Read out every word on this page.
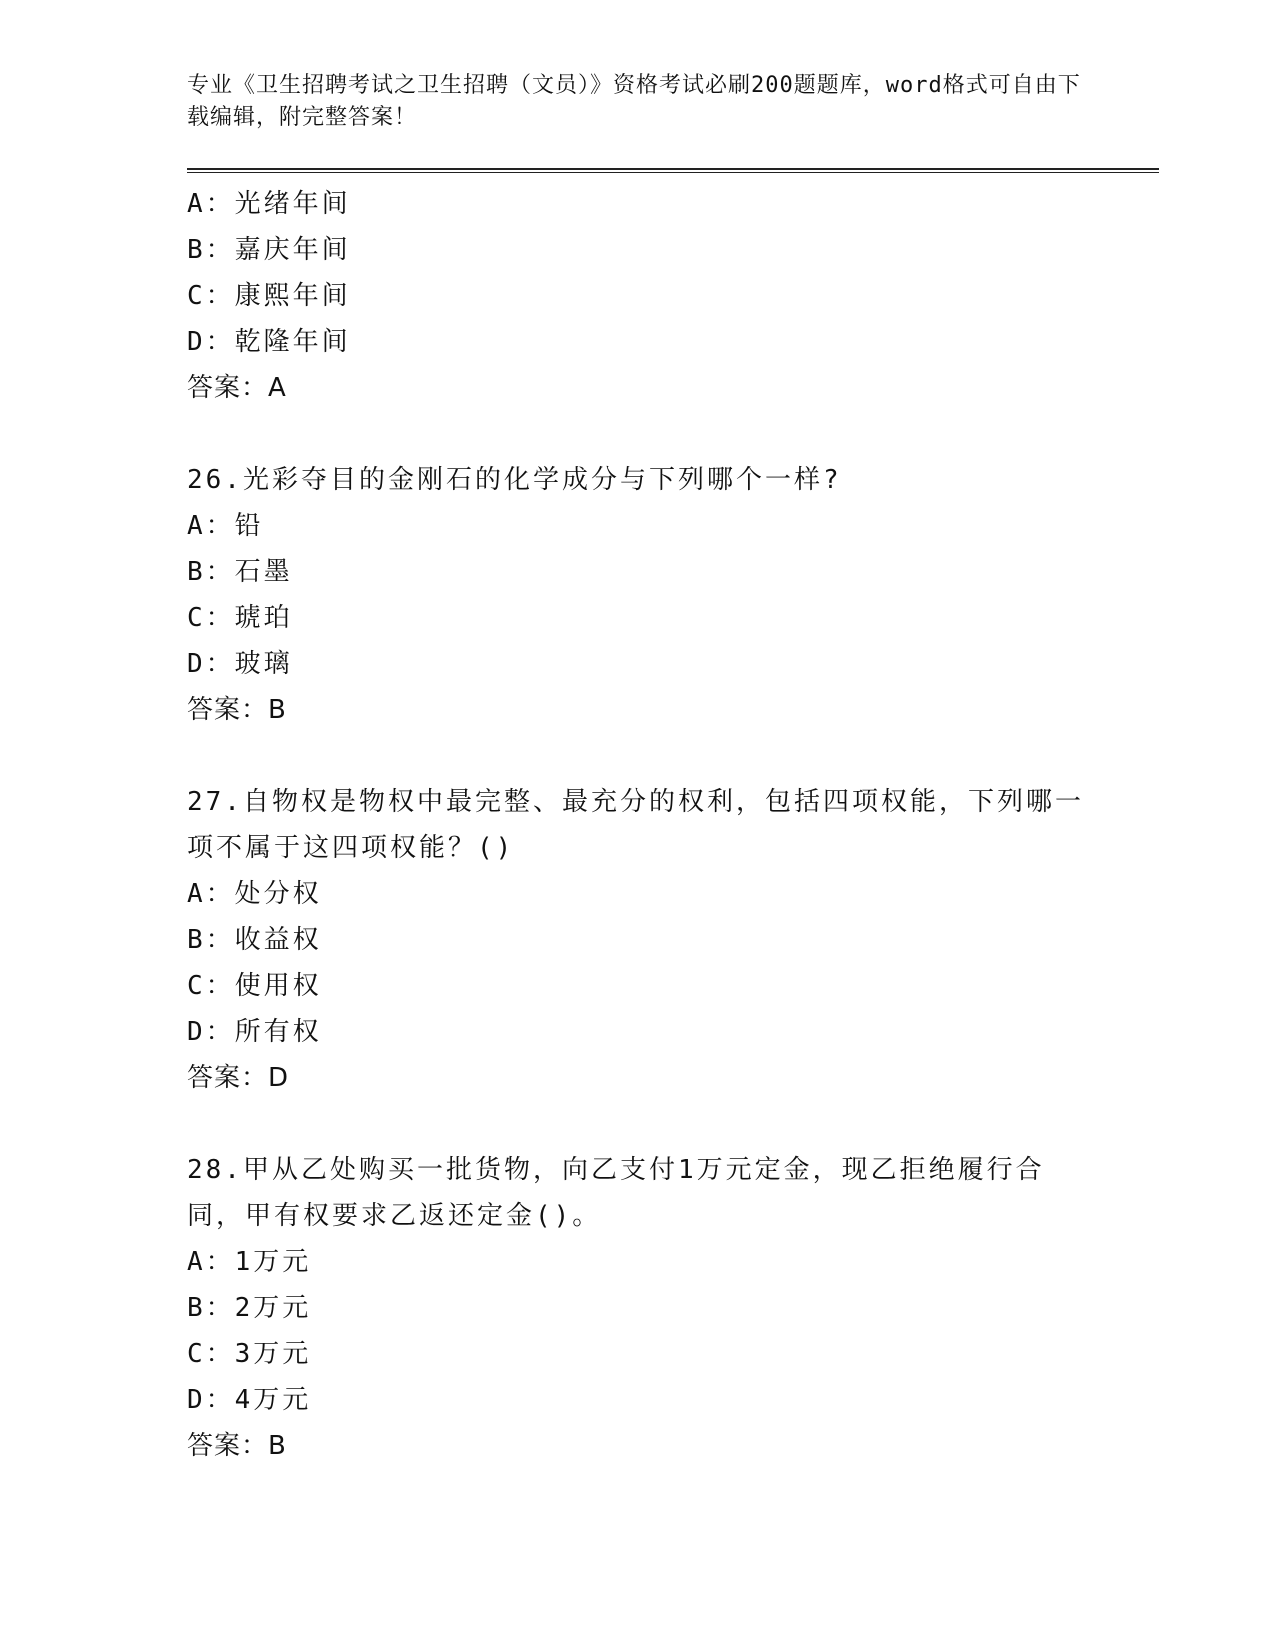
专业《卫生招聘考试之卫生招聘（文员）》资格考试必刷200题题库，word格式可自由下载编辑，附完整答案！
A：光绪年间
B：嘉庆年间
C：康熙年间
D：乾隆年间
答案：A
26.光彩夺目的金刚石的化学成分与下列哪个一样?
A：铅
B：石墨
C：琥珀
D：玻璃
答案：B
27.自物权是物权中最完整、最充分的权利，包括四项权能，下列哪一项不属于这四项权能？()
A：处分权
B：收益权
C：使用权
D：所有权
答案：D
28.甲从乙处购买一批货物，向乙支付1万元定金，现乙拒绝履行合同，甲有权要求乙返还定金()。
A：1万元
B：2万元
C：3万元
D：4万元
答案：B
